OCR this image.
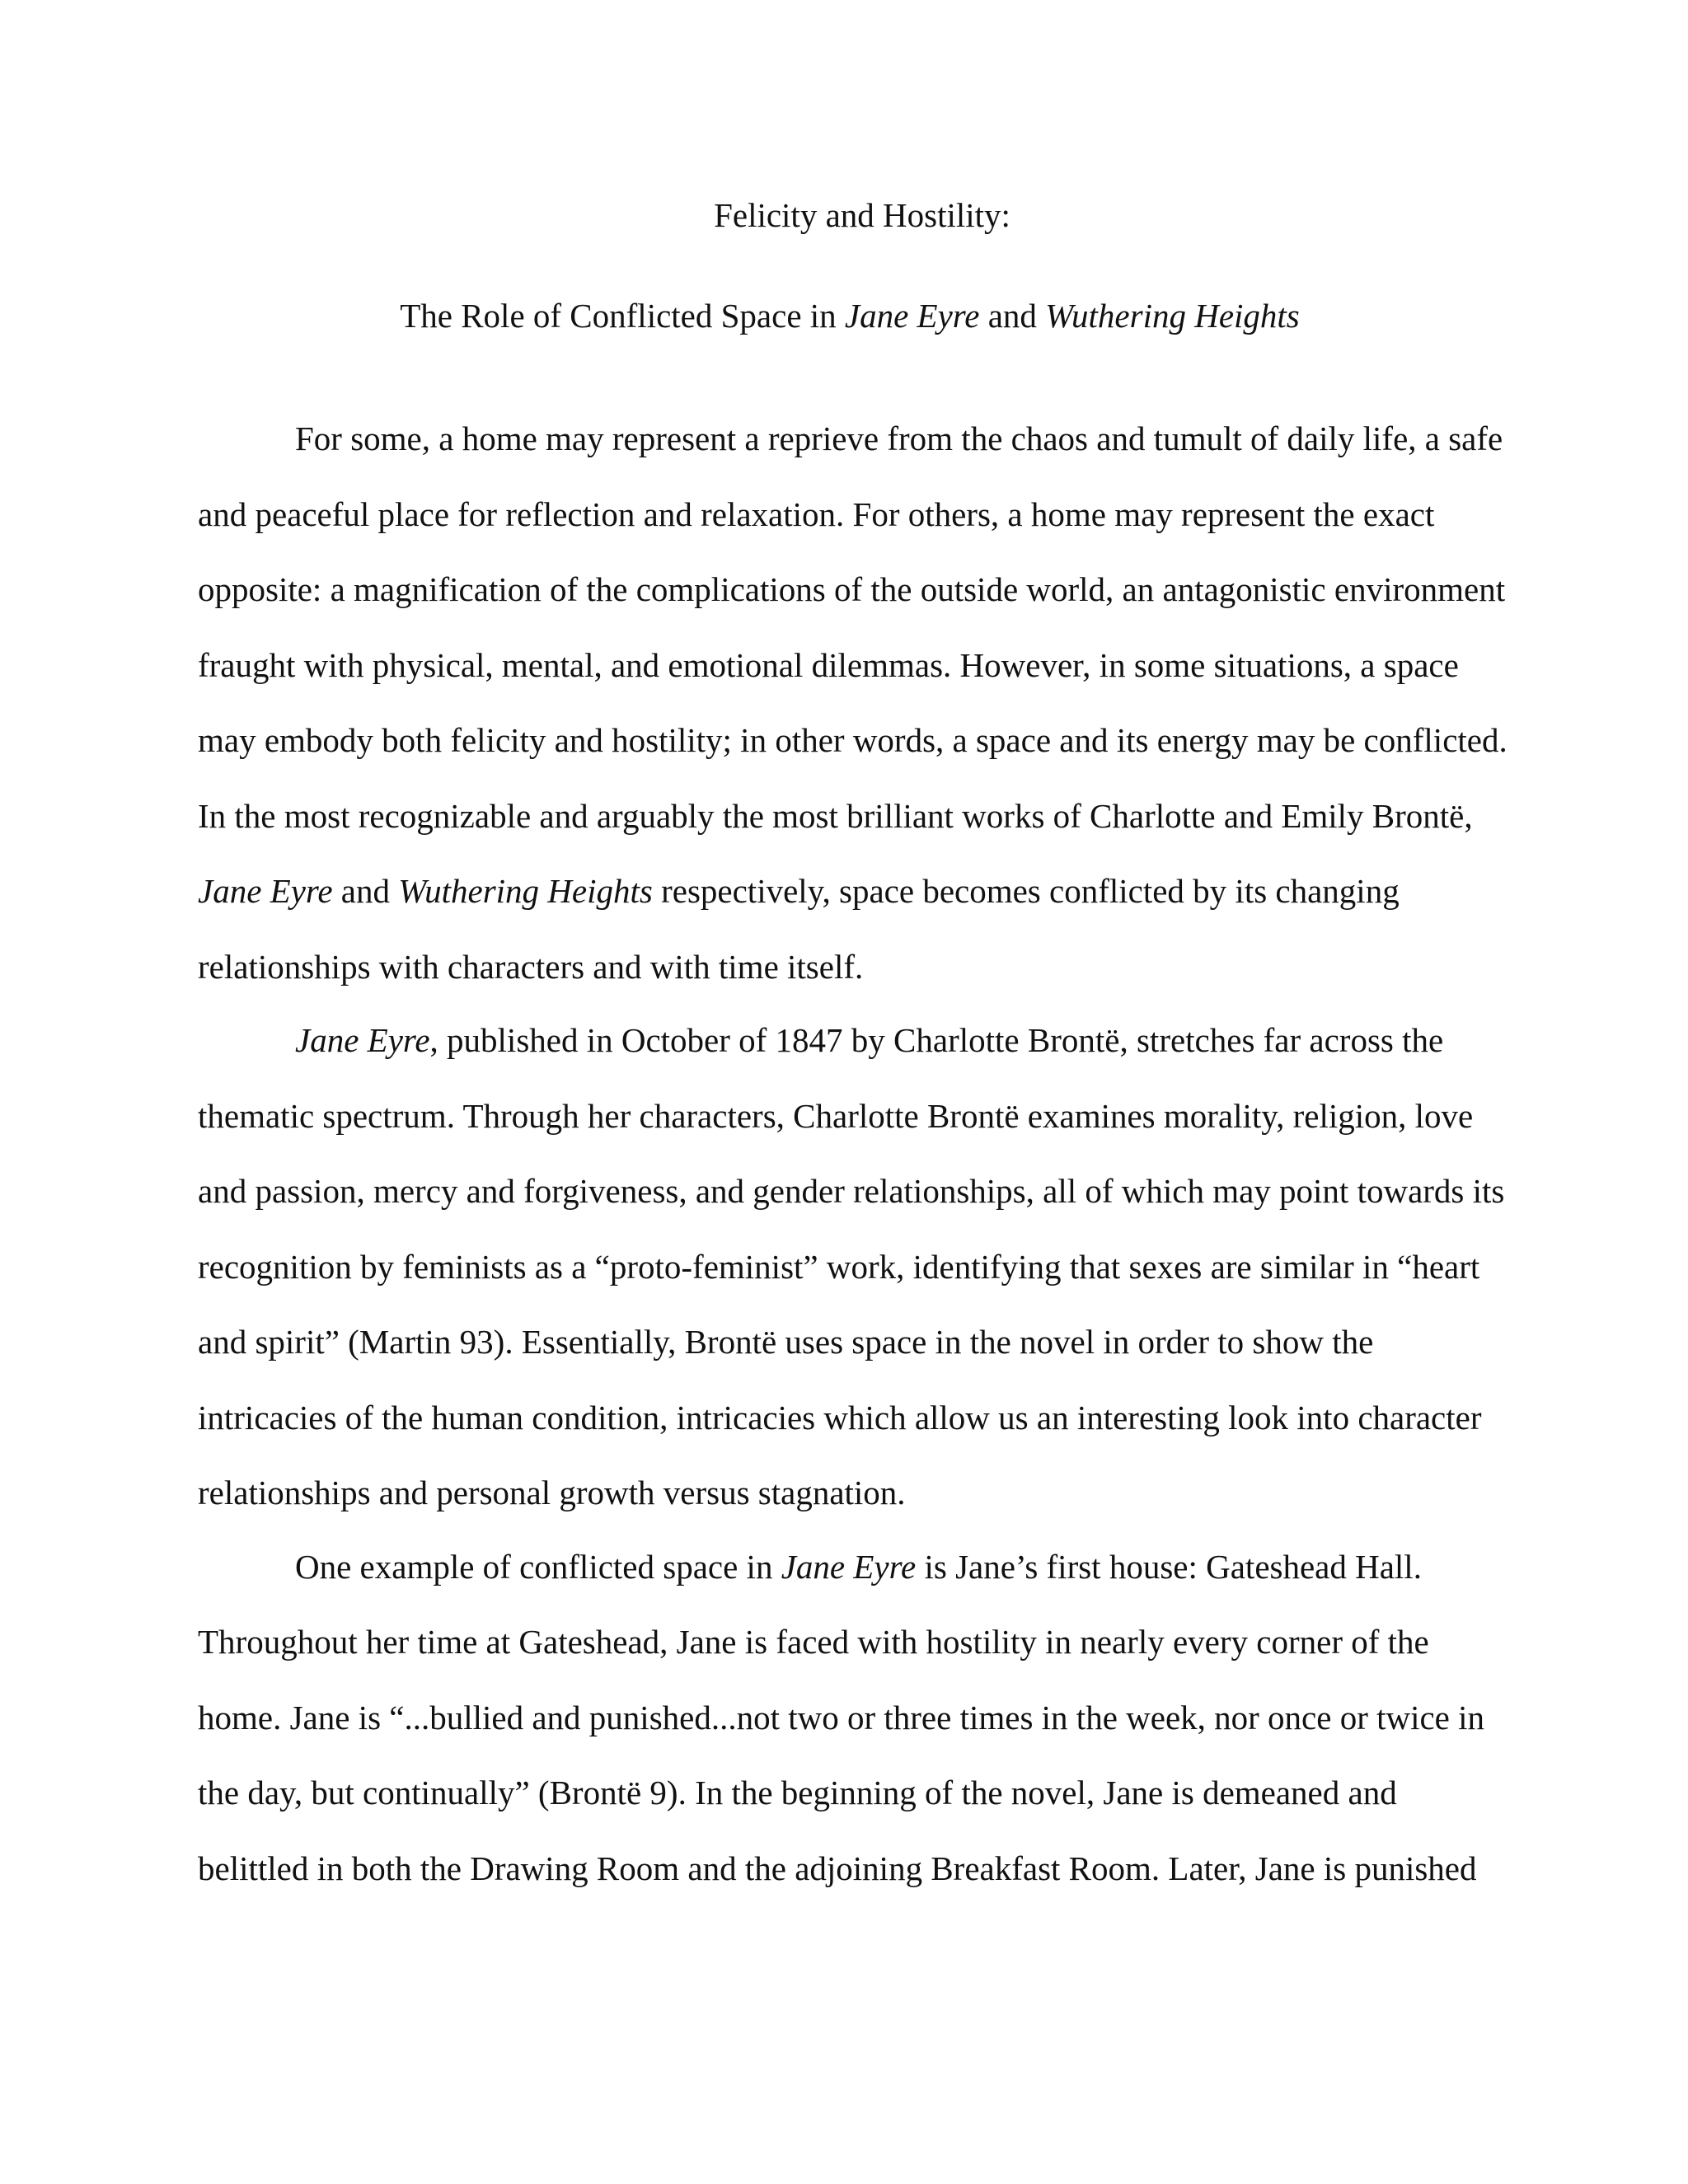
Felicity and Hostility:
The Role of Conflicted Space in Jane Eyre and Wuthering Heights
For some, a home may represent a reprieve from the chaos and tumult of daily life, a safe
and peaceful place for reflection and relaxation. For others, a home may represent the exact
opposite: a magnification of the complications of the outside world, an antagonistic environment
fraught with physical, mental, and emotional dilemmas. However, in some situations, a space
may embody both felicity and hostility; in other words, a space and its energy may be conflicted.
In the most recognizable and arguably the most brilliant works of Charlotte and Emily Brontë,
Jane Eyre and Wuthering Heights respectively, space becomes conflicted by its changing
relationships with characters and with time itself.
Jane Eyre, published in October of 1847 by Charlotte Brontë, stretches far across the
thematic spectrum. Through her characters, Charlotte Brontë examines morality, religion, love
and passion, mercy and forgiveness, and gender relationships, all of which may point towards its
recognition by feminists as a “proto-feminist” work, identifying that sexes are similar in “heart
and spirit” (Martin 93). Essentially, Brontë uses space in the novel in order to show the
intricacies of the human condition, intricacies which allow us an interesting look into character
relationships and personal growth versus stagnation.
One example of conflicted space in Jane Eyre is Jane’s first house: Gateshead Hall.
Throughout her time at Gateshead, Jane is faced with hostility in nearly every corner of the
home. Jane is “...bullied and punished...not two or three times in the week, nor once or twice in
the day, but continually” (Brontë 9). In the beginning of the novel, Jane is demeaned and
belittled in both the Drawing Room and the adjoining Breakfast Room. Later, Jane is punished
